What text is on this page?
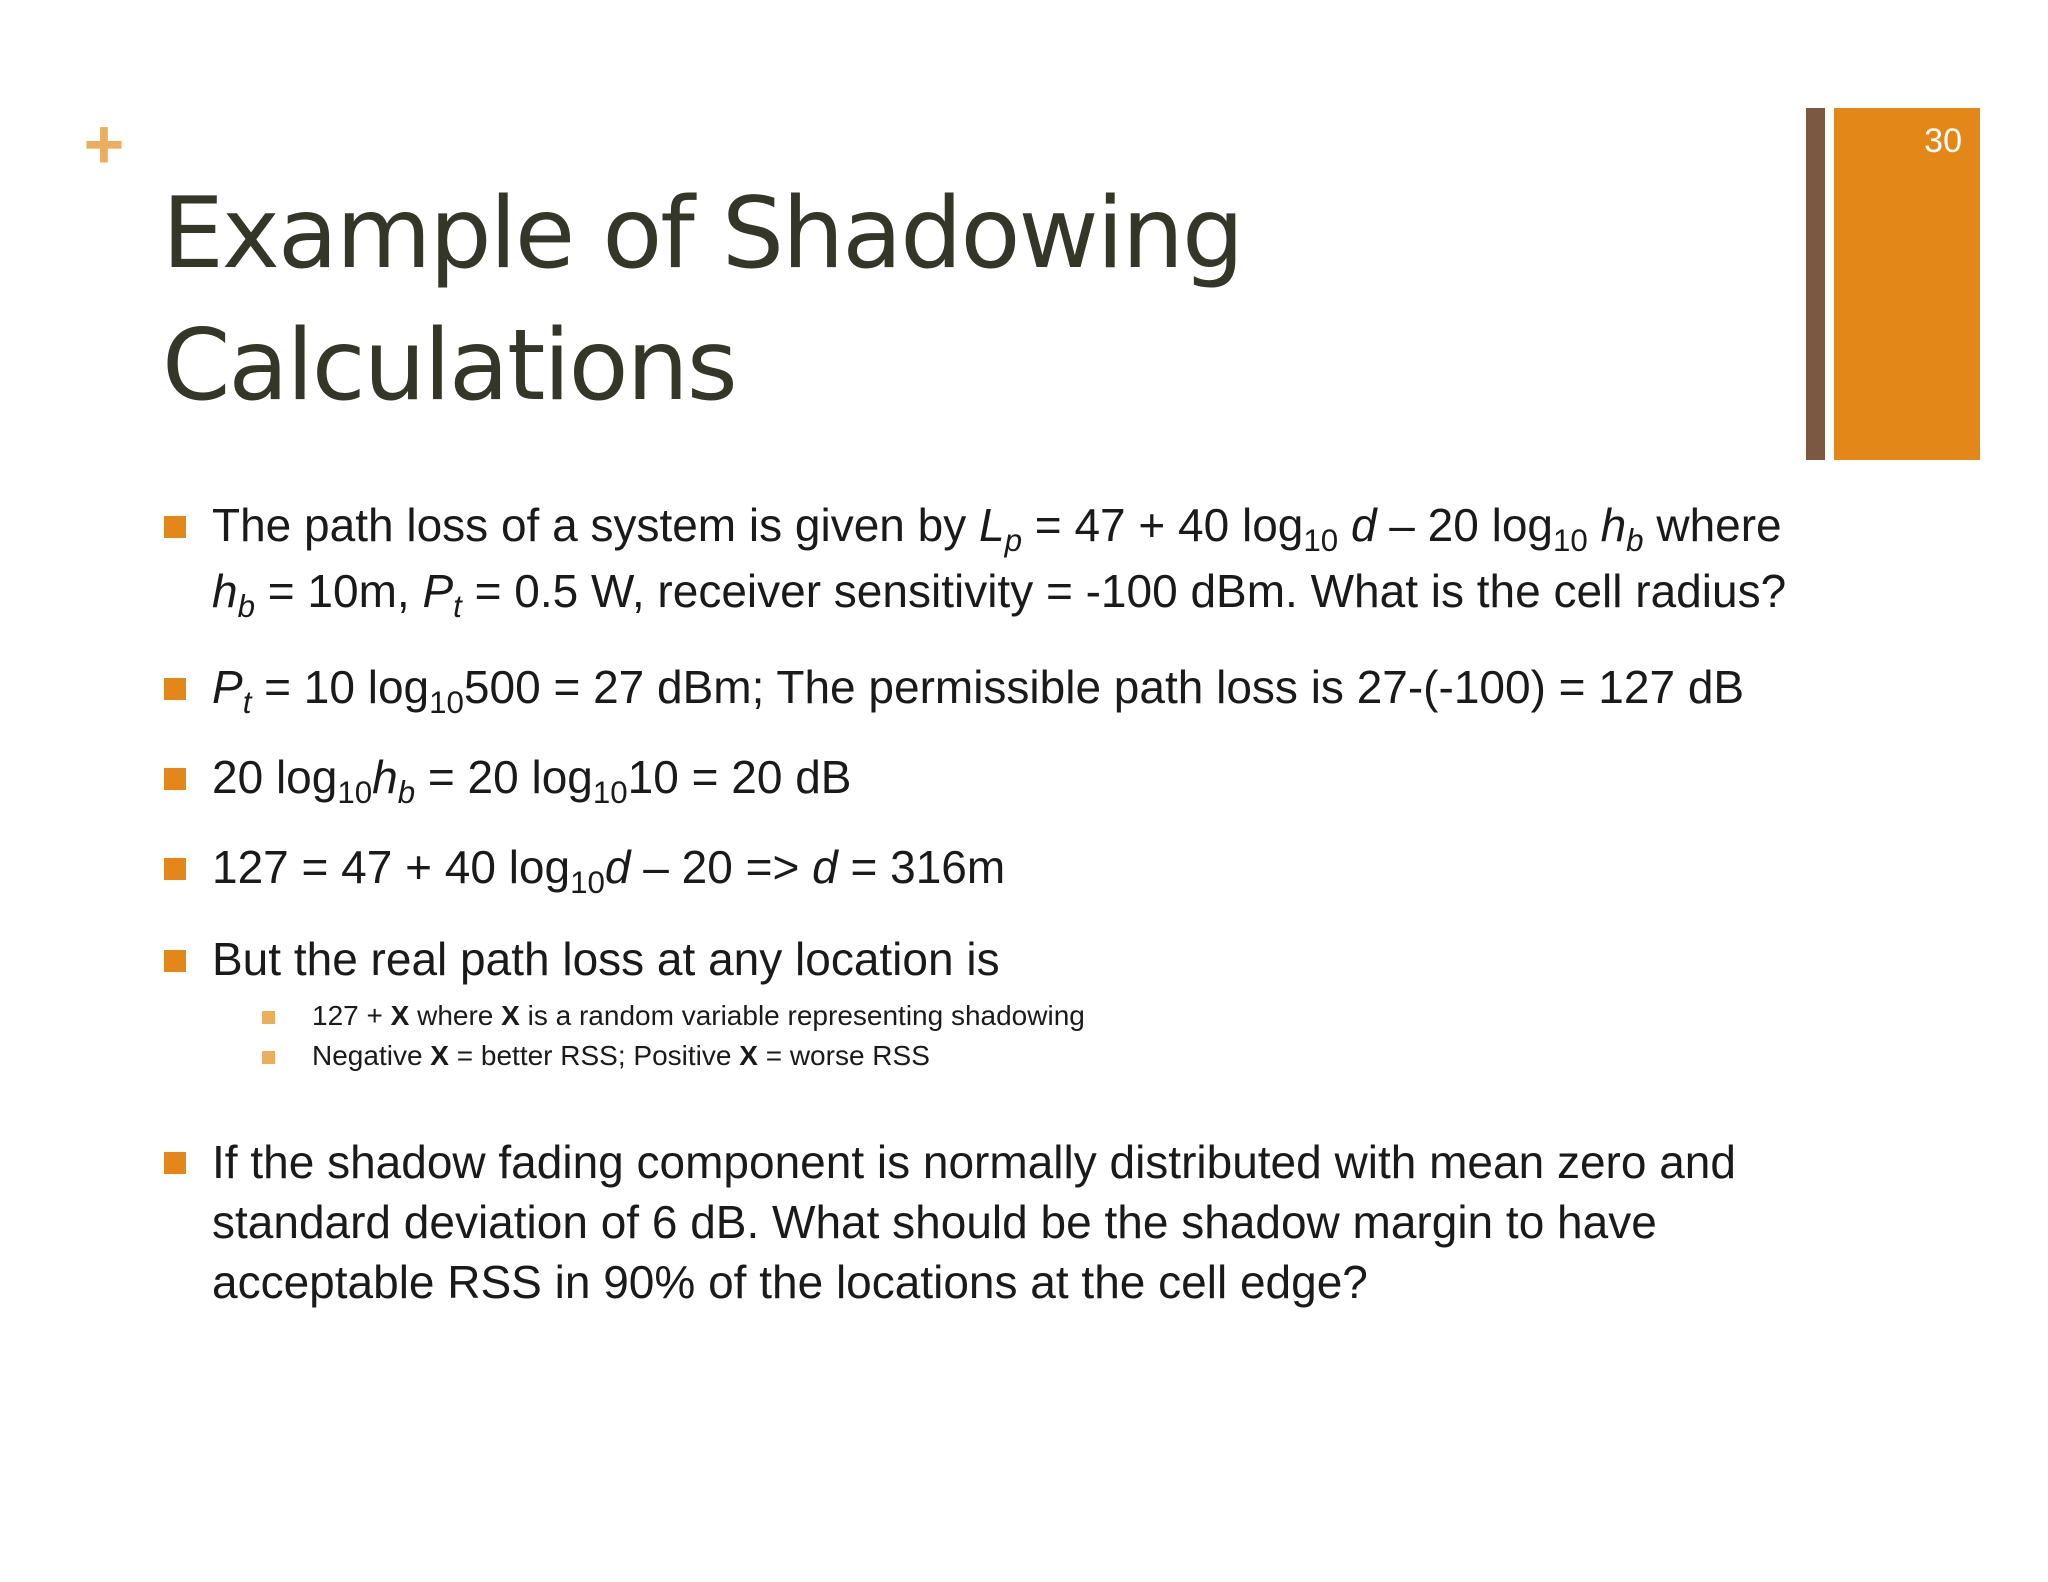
+
Example of Shadowing
Calculations
30
The path loss of a system is given by $L_p = 47 + 40$ $\log_{10} d - 20$ $\log_{10} h_b$ where $h_b = 10m$, $P_t = 0.5$ W, receiver sensitivity = -100 dBm. What is the cell radius?
$P_t = 10$ $\log_{10}500 = 27$ dBm; The permissible path loss is 27-(-100) = 127 dB
20 $\log_{10}h_b = 20$ $\log_{10}10 = 20$ dB
127 = 47 + 40 $\log_{10}d - 20 => d = 316m$
But the real path loss at any location is
127 + X where X is a random variable representing shadowing
Negative X = better RSS; Positive X = worse RSS
If the shadow fading component is normally distributed with mean zero and standard deviation of 6 dB. What should be the shadow margin to have acceptable RSS in 90% of the locations at the cell edge?
